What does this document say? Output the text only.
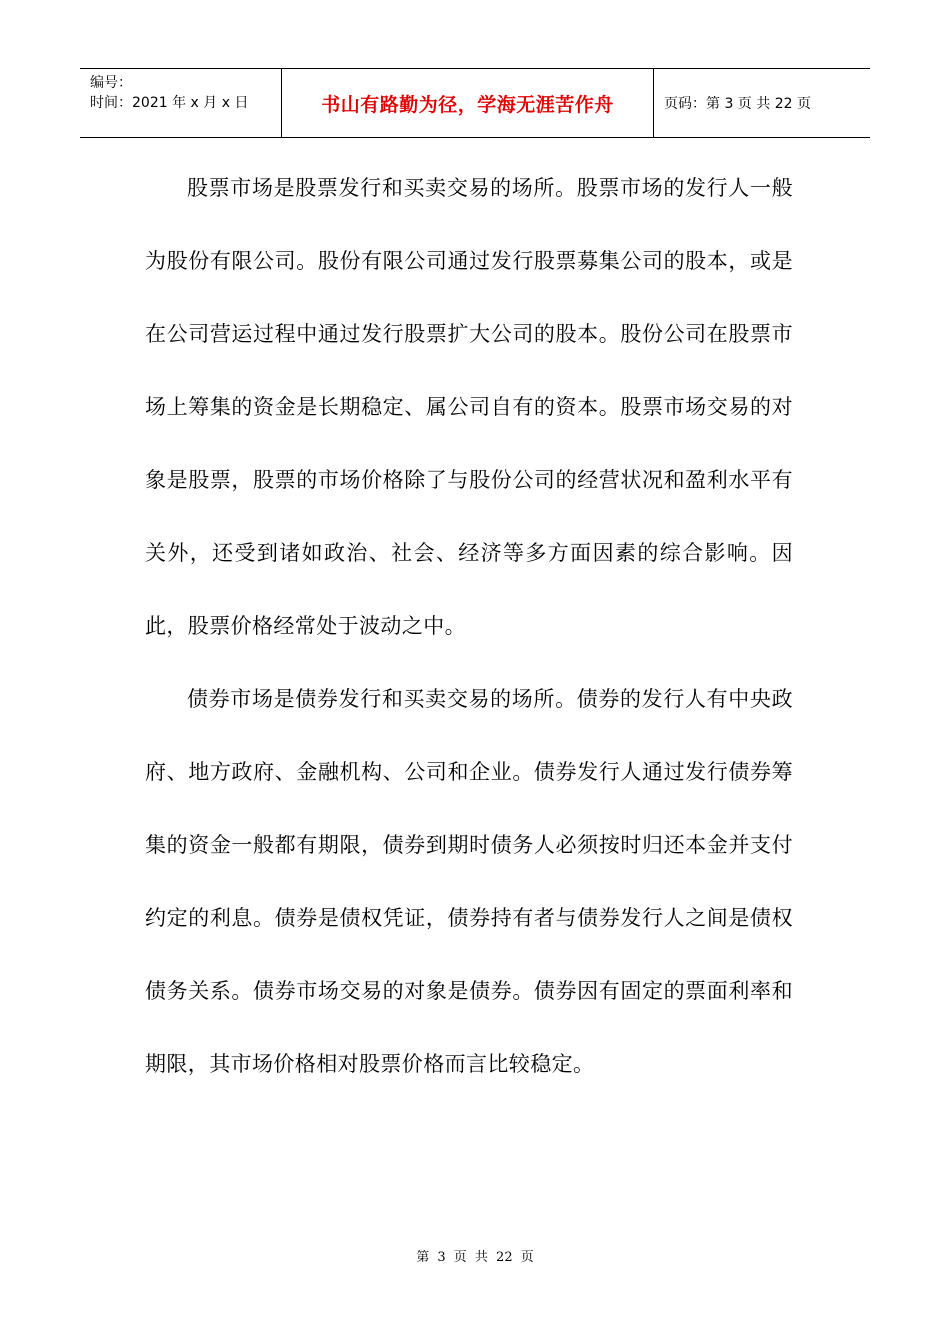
编号：
时间：2021 年 x 月 x 日	书山有路勤为径，学海无涯苦作舟	页码：第 3 页 共 22 页

股票市场是股票发行和买卖交易的场所。股票市场的发行人一般为股份有限公司。股份有限公司通过发行股票募集公司的股本，或是在公司营运过程中通过发行股票扩大公司的股本。股份公司在股票市场上筹集的资金是长期稳定、属公司自有的资本。股票市场交易的对象是股票，股票的市场价格除了与股份公司的经营状况和盈利水平有关外，还受到诸如政治、社会、经济等多方面因素的综合影响。因此，股票价格经常处于波动之中。

债券市场是债券发行和买卖交易的场所。债券的发行人有中央政府、地方政府、金融机构、公司和企业。债券发行人通过发行债券筹集的资金一般都有期限，债券到期时债务人必须按时归还本金并支付约定的利息。债券是债权凭证，债券持有者与债券发行人之间是债权债务关系。债券市场交易的对象是债券。债券因有固定的票面利率和期限，其市场价格相对股票价格而言比较稳定。

第 3 页 共 22 页
